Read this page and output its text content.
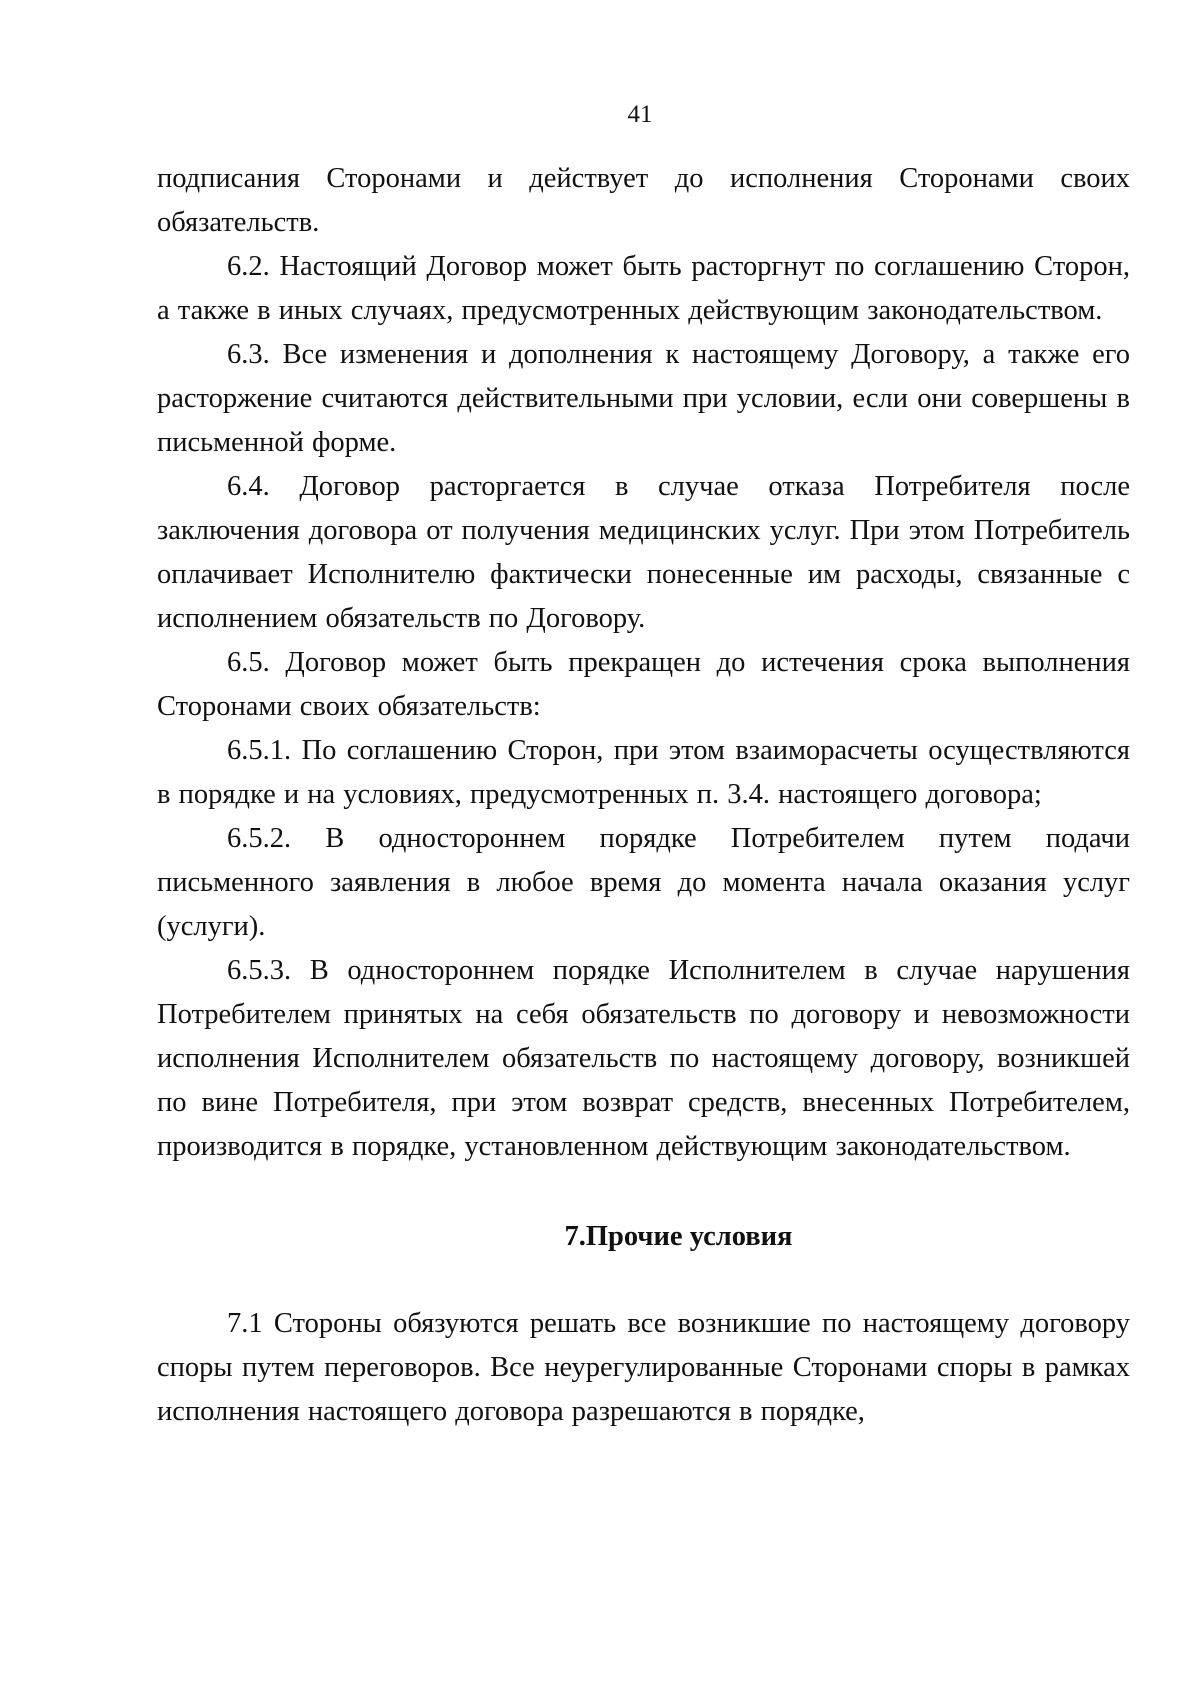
41

подписания Сторонами и действует до исполнения Сторонами своих обязательств.

6.2. Настоящий Договор может быть расторгнут по соглашению Сторон, а также в иных случаях, предусмотренных действующим законодательством.

6.3. Все изменения и дополнения к настоящему Договору, а также его расторжение считаются действительными при условии, если они совершены в письменной форме.

6.4. Договор расторгается в случае отказа Потребителя после заключения договора от получения медицинских услуг. При этом Потребитель оплачивает Исполнителю фактически понесенные им расходы, связанные с исполнением обязательств по Договору.

6.5. Договор может быть прекращен до истечения срока выполнения Сторонами своих обязательств:

6.5.1. По соглашению Сторон, при этом взаиморасчеты осуществляются в порядке и на условиях, предусмотренных п. 3.4. настоящего договора;

6.5.2. В одностороннем порядке Потребителем путем подачи письменного заявления в любое время до момента начала оказания услуг (услуги).

6.5.3. В одностороннем порядке Исполнителем в случае нарушения Потребителем принятых на себя обязательств по договору и невозможности исполнения Исполнителем обязательств по настоящему договору, возникшей по вине Потребителя, при этом возврат средств, внесенных Потребителем, производится в порядке, установленном действующим законодательством.

7.Прочие условия

7.1 Стороны обязуются решать все возникшие по настоящему договору споры путем переговоров. Все неурегулированные Сторонами споры в рамках исполнения настоящего договора разрешаются в порядке,
